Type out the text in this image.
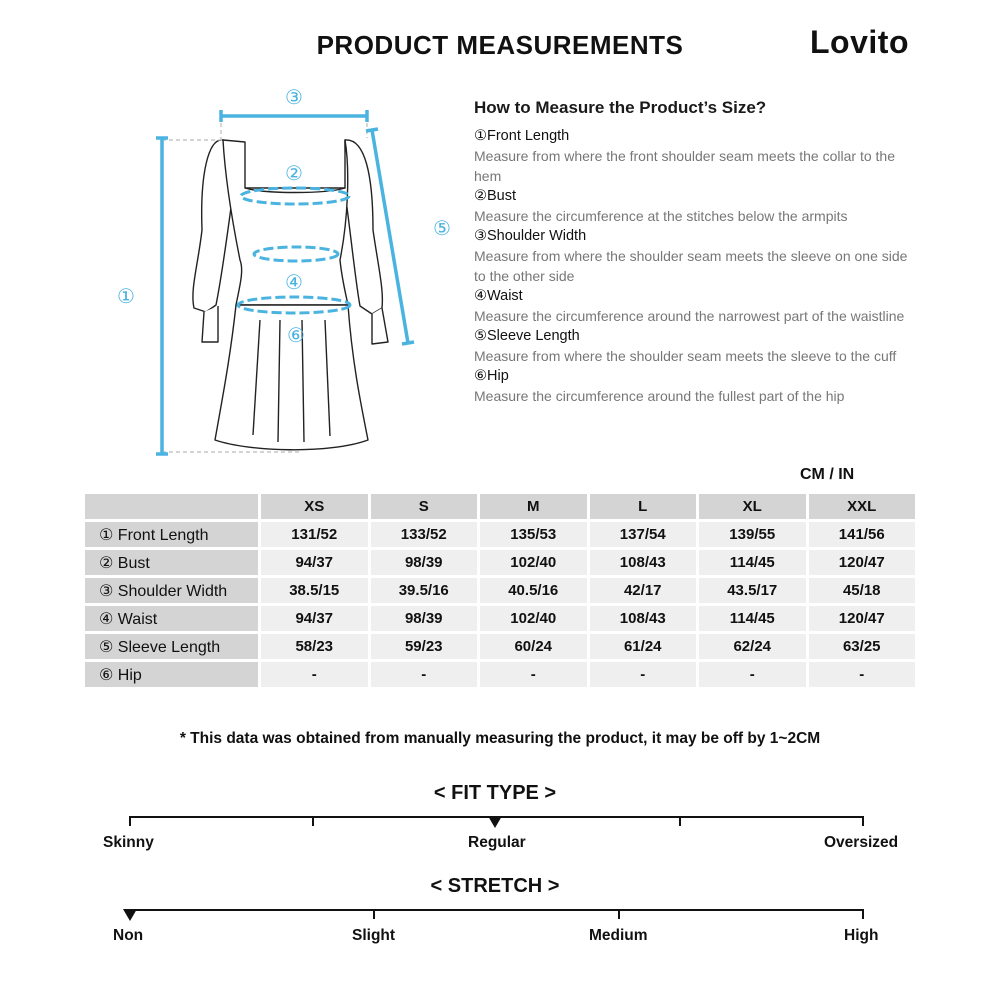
PRODUCT MEASUREMENTS	Lovito
③
②
④
⑥
①
⑤
How to Measure the Product’s Size?
①Front Length
Measure from where the front shoulder seam meets the collar to the hem
②Bust
Measure the circumference at the stitches below the armpits
③Shoulder Width
Measure from where the shoulder seam meets the sleeve on one side to the other side
④Waist
Measure the circumference around the narrowest part of the waistline
⑤Sleeve Length
Measure from where the shoulder seam meets the sleeve to the cuff
⑥Hip
Measure the circumference around the fullest part of the hip
CM / IN
	XS	S	M	L	XL	XXL
① Front Length	131/52	133/52	135/53	137/54	139/55	141/56
② Bust	94/37	98/39	102/40	108/43	114/45	120/47
③ Shoulder Width	38.5/15	39.5/16	40.5/16	42/17	43.5/17	45/18
④ Waist	94/37	98/39	102/40	108/43	114/45	120/47
⑤ Sleeve Length	58/23	59/23	60/24	61/24	62/24	63/25
⑥ Hip	-	-	-	-	-	-
* This data was obtained from manually measuring the product, it may be off by 1~2CM
< FIT TYPE >
Skinny	Regular	Oversized
< STRETCH >
Non	Slight	Medium	High
